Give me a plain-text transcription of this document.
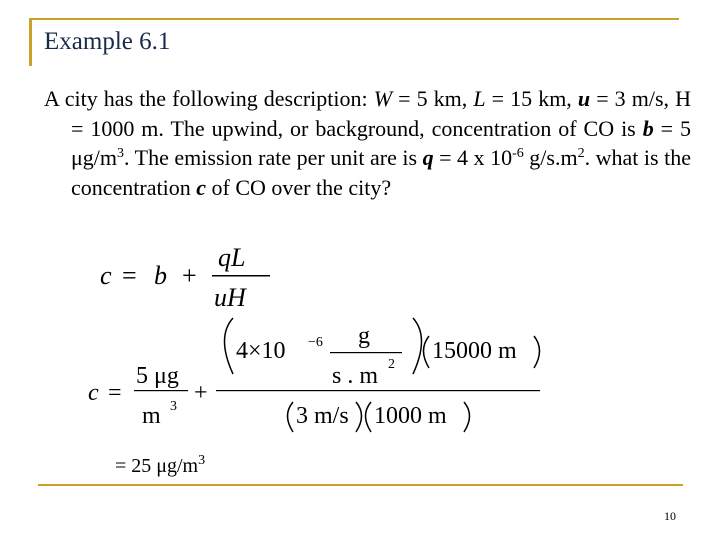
Example 6.1
A city has the following description: W = 5 km, L = 15 km, u = 3 m/s, H = 1000 m. The upwind, or background, concentration of CO is b = 5 $\mu g/m^3$. The emission rate per unit are is q = 4 x $10^{-6}$ $g/s.m^2$. what is the concentration c of CO over the city?
c = b +
qL
uH
c =
5 μg
m 3
+
4×10 −6 g
s . m 2
15000 m
3 m/s 1000 m
= 25 $\mu g/m^3$
10
